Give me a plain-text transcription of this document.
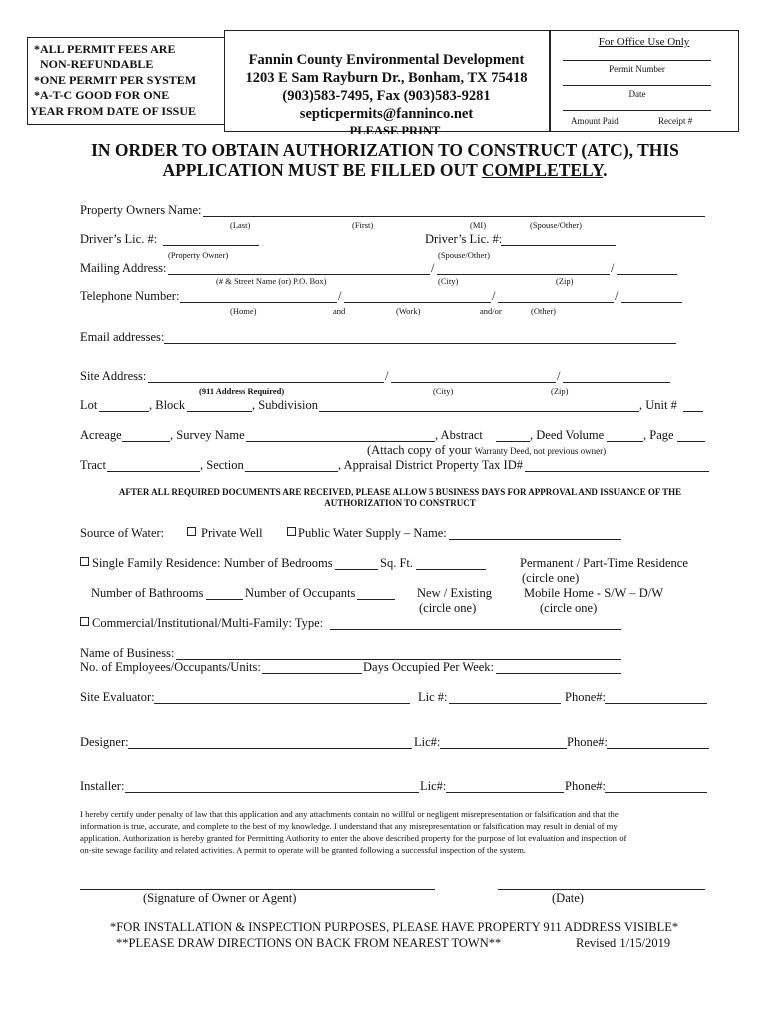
*ALL PERMIT FEES ARE
NON-REFUNDABLE
*ONE PERMIT PER SYSTEM
*A-T-C GOOD FOR ONE
YEAR FROM DATE OF ISSUE
Fannin County Environmental Development
1203 E Sam Rayburn Dr., Bonham, TX 75418
(903)583-7495, Fax (903)583-9281
septicpermits@fanninco.net
PLEASE PRINT
For Office Use Only
Permit Number
Date
Amount Paid	Receipt #
IN ORDER TO OBTAIN AUTHORIZATION TO CONSTRUCT (ATC), THIS
APPLICATION MUST BE FILLED OUT COMPLETELY.
Property Owners Name:
(Last)	(First)	(MI)	(Spouse/Other)
Driver’s Lic. #:	Driver’s Lic. #:
(Property Owner)	(Spouse/Other)
Mailing Address:	/	/
(# & Street Name (or) P.O. Box)	(City)	(Zip)
Telephone Number:	/	/	/
(Home)	and	(Work)	and/or	(Other)
Email addresses:
Site Address:	/	/
(911 Address Required)	(City)	(Zip)
Lot	, Block	, Subdivision	, Unit #
Acreage	, Survey Name	, Abstract	, Deed Volume	, Page
(Attach copy of your Warranty Deed, not previous owner)
Tract	, Section	, Appraisal District Property Tax ID#
AFTER ALL REQUIRED DOCUMENTS ARE RECEIVED, PLEASE ALLOW 5 BUSINESS DAYS FOR APPROVAL AND ISSUANCE OF THE
AUTHORIZATION TO CONSTRUCT
Source of Water:	Private Well	Public Water Supply – Name:
Single Family Residence: Number of Bedrooms	Sq. Ft.	Permanent / Part-Time Residence
(circle one)
Number of Bathrooms	Number of Occupants	New / Existing
(circle one)
Mobile Home - S/W – D/W
(circle one)
Commercial/Institutional/Multi-Family: Type:
Name of Business:
No. of Employees/Occupants/Units:	Days Occupied Per Week:
Site Evaluator:	Lic #:	Phone#:
Designer:	Lic#:	Phone#:
Installer:	Lic#:	Phone#:
I hereby certify under penalty of law that this application and any attachments contain no willful or negligent misrepresentation or falsification and that the
information is true, accurate, and complete to the best of my knowledge. I understand that any misrepresentation or falsification may result in denial of my
application. Authorization is hereby granted for Permitting Authority to enter the above described property for the purpose of lot evaluation and inspection of
on-site sewage facility and related activities. A permit to operate will be granted following a successful inspection of the system.
(Signature of Owner or Agent)	(Date)
*FOR INSTALLATION & INSPECTION PURPOSES, PLEASE HAVE PROPERTY 911 ADDRESS VISIBLE*
**PLEASE DRAW DIRECTIONS ON BACK FROM NEAREST TOWN**	Revised 1/15/2019
